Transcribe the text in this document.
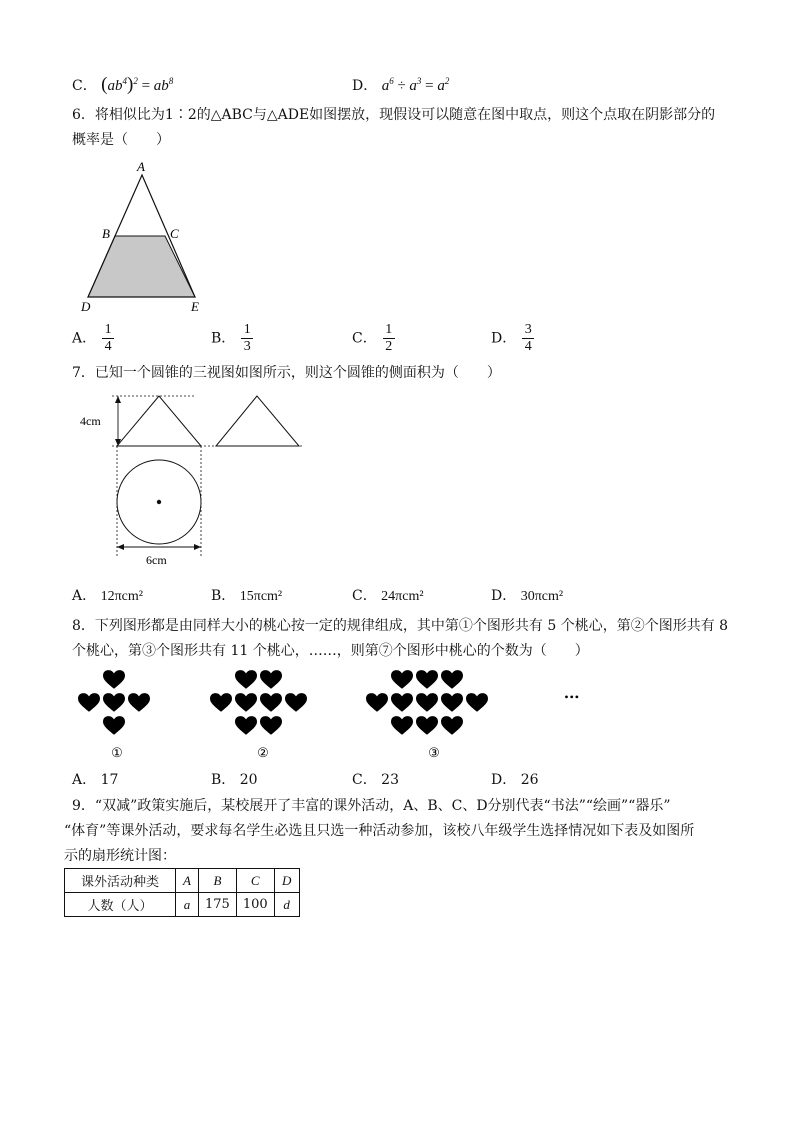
C． $(ab^4)^2 = ab^8$	D． $a^6 \div a^3 = a^2$
6．将相似比为1∶2的△ABC与△ADE如图摆放，现假设可以随意在图中取点，则这个点取在阴影部分的
概率是（　　）
A
B	C
D	E
A． $\frac{1}{4}$	B． $\frac{1}{3}$	C． $\frac{1}{2}$	D． $\frac{3}{4}$
7．已知一个圆锥的三视图如图所示，则这个圆锥的侧面积为（　　）
4cm
6cm
A． 12πcm²	B． 15πcm²	C． 24πcm²	D． 30πcm²
8．下列图形都是由同样大小的桃心按一定的规律组成，其中第①个图形共有 5 个桃心，第②个图形共有 8
个桃心，第③个图形共有 11 个桃心，……，则第⑦个图形中桃心的个数为（　　）
•••
①	②	③
A． 17	B． 20	C． 23	D． 26
9．“双减”政策实施后，某校展开了丰富的课外活动，A、B、C、D分别代表“书法”“绘画”“器乐”
“体育”等课外活动，要求每名学生必选且只选一种活动参加，该校八年级学生选择情况如下表及如图所
示的扇形统计图：
课外活动种类	A	B	C	D
人数（人）	a	175	100	d
